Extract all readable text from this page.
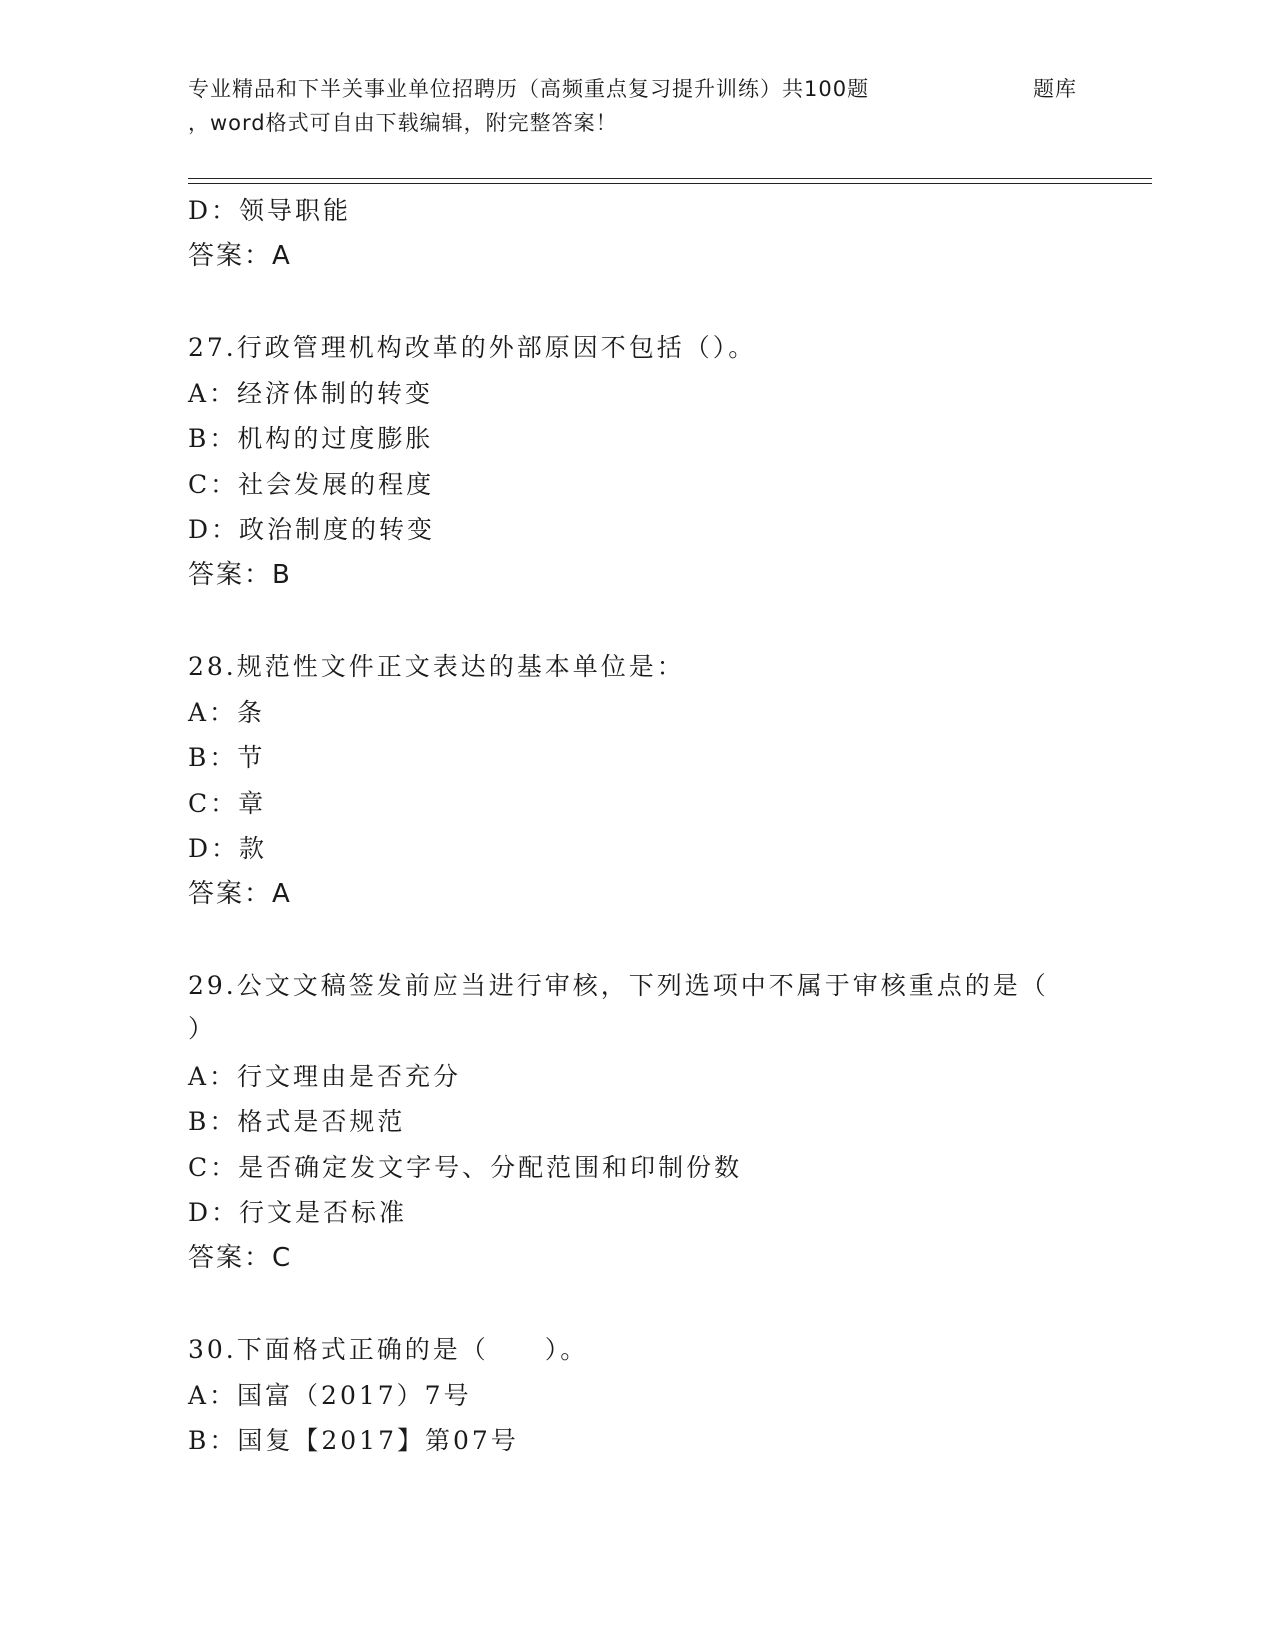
专业精品和下半关事业单位招聘历（高频重点复习提升训练）共100题	题库
，word格式可自由下载编辑，附完整答案！
D：领导职能
答案：A
27.行政管理机构改革的外部原因不包括（）。
A：经济体制的转变
B：机构的过度膨胀
C：社会发展的程度
D：政治制度的转变
答案：B
28.规范性文件正文表达的基本单位是：
A：条
B：节
C：章
D：款
答案：A
29.公文文稿签发前应当进行审核，下列选项中不属于审核重点的是（
）
A：行文理由是否充分
B：格式是否规范
C：是否确定发文字号、分配范围和印制份数
D：行文是否标准
答案：C
30.下面格式正确的是（　　）。
A：国富（2017）7号
B：国复【2017】第07号
